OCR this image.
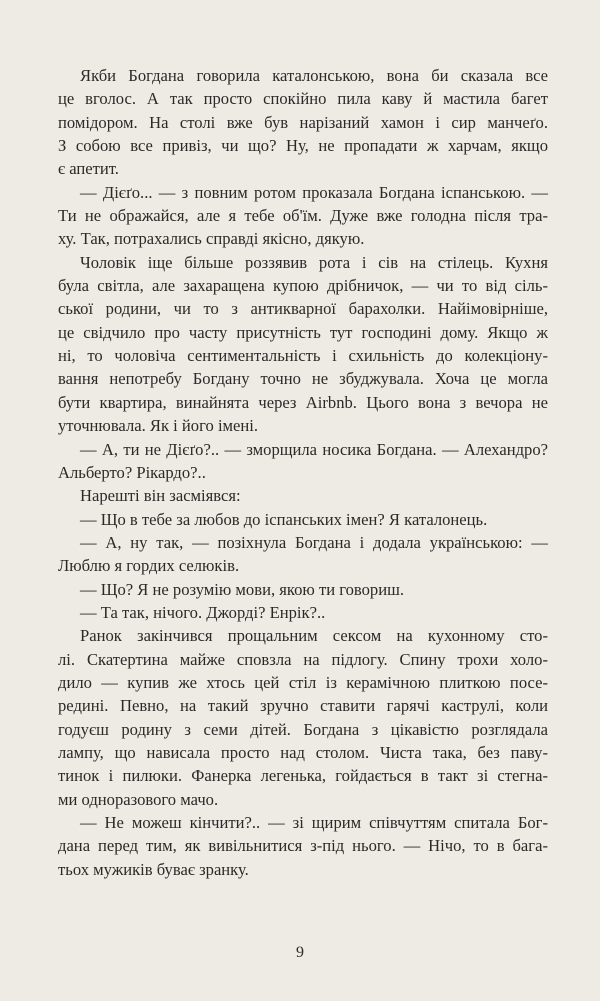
Якби Богдана говорила каталонською, вона би сказала все
це вголос. А так просто спокійно пила каву й мастила багет
помідором. На столі вже був нарізаний хамон і сир манчеґо.
З собою все привіз, чи що? Ну, не пропадати ж харчам, якщо
є апетит.
— Дієґо... — з повним ротом проказала Богдана іспанською. —
Ти не ображайся, але я тебе об'їм. Дуже вже голодна після тра-
ху. Так, потрахались справді якісно, дякую.
Чоловік іще більше роззявив рота і сів на стілець. Кухня
була світла, але захаращена купою дрібничок, — чи то від сіль-
ської родини, чи то з антикварної барахолки. Найімовірніше,
це свідчило про часту присутність тут господині дому. Якщо ж
ні, то чоловіча сентиментальність і схильність до колекціону-
вання непотребу Богдану точно не збуджувала. Хоча це могла
бути квартира, винайнята через Airbnb. Цього вона з вечора не
уточнювала. Як і його імені.
— А, ти не Дієґо?.. — зморщила носика Богдана. — Алехандро?
Альберто? Рікардо?..
Нарешті він засміявся:
— Що в тебе за любов до іспанських імен? Я каталонець.
— А, ну так, — позіхнула Богдана і додала українською: —
Люблю я гордих селюків.
— Що? Я не розумію мови, якою ти говориш.
— Та так, нічого. Джорді? Енрік?..
Ранок закінчився прощальним сексом на кухонному сто-
лі. Скатертина майже сповзла на підлогу. Спину трохи холо-
дило — купив же хтось цей стіл із керамічною плиткою посе-
редині. Певно, на такий зручно ставити гарячі каструлі, коли
годуєш родину з семи дітей. Богдана з цікавістю розглядала
лампу, що нависала просто над столом. Чиста така, без паву-
тинок і пилюки. Фанерка легенька, гойдається в такт зі стегна-
ми одноразового мачо.
— Не можеш кінчити?.. — зі щирим співчуттям спитала Бог-
дана перед тим, як вивільнитися з-під нього. — Нічо, то в бага-
тьох мужиків буває зранку.
9
